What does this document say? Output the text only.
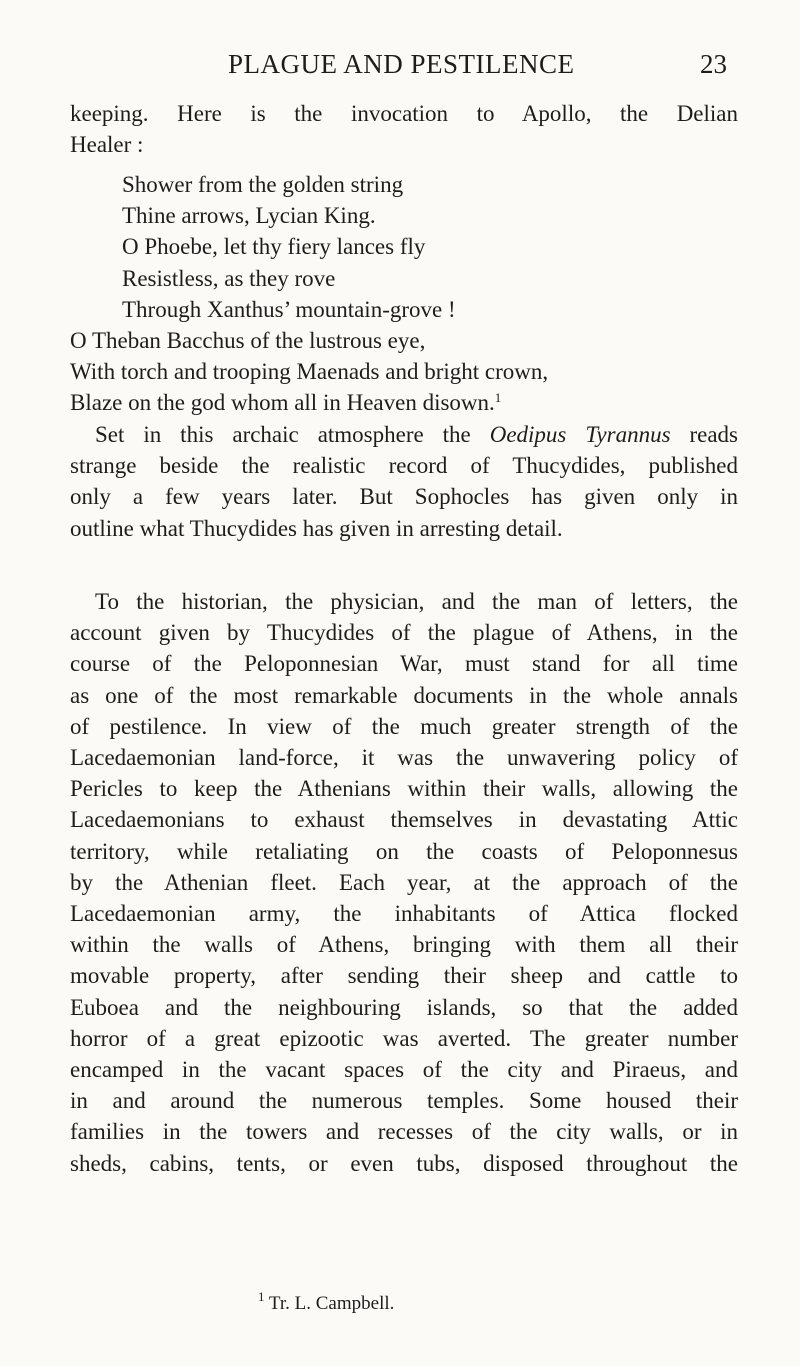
PLAGUE AND PESTILENCE	23
keeping. Here is the invocation to Apollo, the Delian
Healer :
Shower from the golden string
Thine arrows, Lycian King.
O Phoebe, let thy fiery lances fly
Resistless, as they rove
Through Xanthus’ mountain-grove !
O Theban Bacchus of the lustrous eye,
With torch and trooping Maenads and bright crown,
Blaze on the god whom all in Heaven disown.$^1$
Set in this archaic atmosphere the Oedipus Tyrannus reads
strange beside the realistic record of Thucydides, published
only a few years later. But Sophocles has given only in
outline what Thucydides has given in arresting detail.
To the historian, the physician, and the man of letters, the
account given by Thucydides of the plague of Athens, in the
course of the Peloponnesian War, must stand for all time
as one of the most remarkable documents in the whole annals
of pestilence. In view of the much greater strength of the
Lacedaemonian land-force, it was the unwavering policy of
Pericles to keep the Athenians within their walls, allowing the
Lacedaemonians to exhaust themselves in devastating Attic
territory, while retaliating on the coasts of Peloponnesus
by the Athenian fleet. Each year, at the approach of the
Lacedaemonian army, the inhabitants of Attica flocked
within the walls of Athens, bringing with them all their
movable property, after sending their sheep and cattle to
Euboea and the neighbouring islands, so that the added
horror of a great epizootic was averted. The greater number
encamped in the vacant spaces of the city and Piraeus, and
in and around the numerous temples. Some housed their
families in the towers and recesses of the city walls, or in
sheds, cabins, tents, or even tubs, disposed throughout the
$^1$ Tr. L. Campbell.
